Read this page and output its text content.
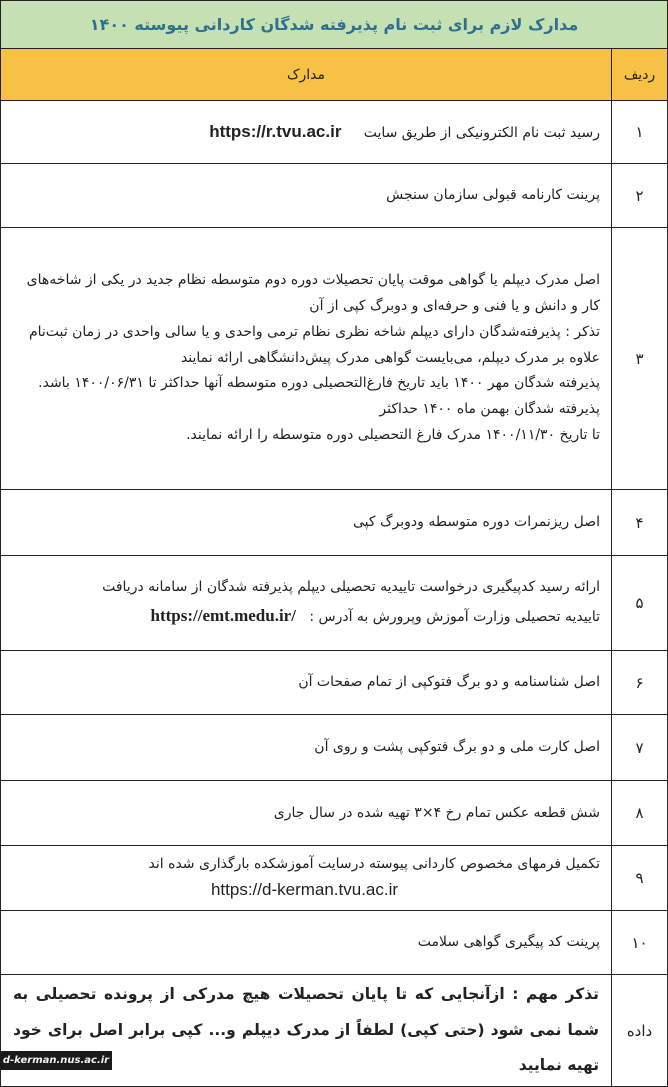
مدارک لازم برای ثبت نام پذیرفته شدگان کاردانی پیوسته ۱۴۰۰	
ردیف	مدارک
۱	رسید ثبت نام الکترونیکی از طریق سایت     https://r.tvu.ac.ir
۲	پرینت کارنامه قبولی سازمان سنجش
۳	اصل مدرک دیپلم یا گواهی موقت پایان تحصیلات دوره دوم متوسطه نظام جدید در یکی از شاخه‌های کار و دانش و یا فنی و حرفه‌ای و دوبرگ کپی از آن

تذکر : پذیرفته‌شدگان دارای دیپلم شاخه نظری نظام ترمی واحدی و یا سالی واحدی در زمان ثبت‌نام علاوه بر مدرک دیپلم، می‌بایست گواهی مدرک پیش‌دانشگاهی ارائه نمایند

پذیرفته شدگان مهر ۱۴۰۰ باید تاریخ فارغ‌التحصیلی دوره متوسطه آنها حداکثر تا ۱۴۰۰/۰۶/۳۱ باشد.

پذیرفته شدگان بهمن ماه ۱۴۰۰ حداکثر

تا تاریخ ۱۴۰۰/۱۱/۳۰ مدرک فارغ التحصیلی دوره متوسطه را ارائه نمایند.

۴	اصل ریزنمرات دوره متوسطه ودوبرگ کپی
۵	ارائه رسید کدپیگیری درخواست تاییدیه تحصیلی دیپلم پذیرفته شدگان از سامانه دریافت

تاییدیه تحصیلی وزارت آموزش وپرورش به آدرس :   https://emt.medu.ir/

۶	اصل شناسنامه و دو برگ فتوکپی از تمام صفحات آن
۷	اصل کارت ملی و دو برگ فتوکپی پشت و روی آن
۸	شش قطعه عکس تمام رخ ۴×۳ تهیه شده در سال جاری
۹	تکمیل فرمهای مخصوص کاردانی پیوسته درسایت آموزشکده بارگذاری شده اند

https://d-kerman.tvu.ac.ir

۱۰	پرینت کد پیگیری گواهی سلامت
داده	تذکر مهم : ازآنجایی که تا پایان تحصیلات هیچ مدرکی از پرونده تحصیلی به شما نمی شود (حتی کپی) لطفاً از مدرک دیپلم و... کپی برابر اصل برای خود تهیه نمایید
d-kerman.nus.ac.ir
